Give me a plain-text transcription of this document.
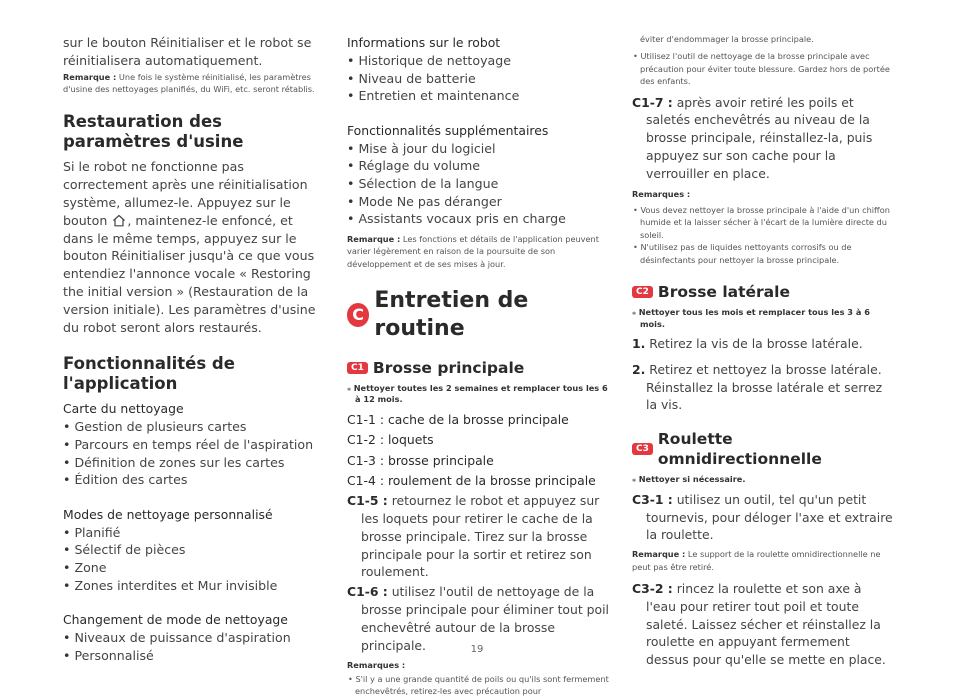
sur le bouton Réinitialiser et le robot se réinitialisera automatiquement.

Remarque : Une fois le système réinitialisé, les paramètres d'usine des nettoyages planifiés, du WiFi, etc. seront rétablis.

Restauration des paramètres d'usine

Si le robot ne fonctionne pas correctement après une réinitialisation système, allumez-le. Appuyez sur le bouton , maintenez-le enfoncé, et dans le même temps, appuyez sur le bouton Réinitialiser jusqu'à ce que vous entendiez l'annonce vocale « Restoring the initial version » (Restauration de la version initiale). Les paramètres d'usine du robot seront alors restaurés.

Fonctionnalités de l'application
Carte du nettoyage
• Gestion de plusieurs cartes
• Parcours en temps réel de l'aspiration
• Définition de zones sur les cartes
• Édition des cartes
Modes de nettoyage personnalisé
• Planifié
• Sélectif de pièces
• Zone
• Zones interdites et Mur invisible
Changement de mode de nettoyage
• Niveaux de puissance d'aspiration
• Personnalisé
Informations sur le robot
• Historique de nettoyage
• Niveau de batterie
• Entretien et maintenance
Fonctionnalités supplémentaires
• Mise à jour du logiciel
• Réglage du volume
• Sélection de la langue
• Mode Ne pas déranger
• Assistants vocaux pris en charge

Remarque : Les fonctions et détails de l'application peuvent varier légèrement en raison de la poursuite de son développement et de ses mises à jour.

C
Entretien de routine
C1 Brosse principale

⁎ Nettoyer toutes les 2 semaines et remplacer tous les 6 à 12 mois.

C1-1 : cache de la brosse principale
C1-2 : loquets
C1-3 : brosse principale
C1-4 : roulement de la brosse principale

C1-5 : retournez le robot et appuyez sur les loquets pour retirer le cache de la brosse principale. Tirez sur la brosse principale pour la sortir et retirez son roulement.

C1-6 : utilisez l'outil de nettoyage de la brosse principale pour éliminer tout poil enchevêtré autour de la brosse principale.

Remarques :

• S'il y a une grande quantité de poils ou qu'ils sont fermement enchevêtrés, retirez-les avec précaution pour

éviter d'endommager la brosse principale.

• Utilisez l'outil de nettoyage de la brosse principale avec précaution pour éviter toute blessure. Gardez hors de portée des enfants.

C1-7 : après avoir retiré les poils et saletés enchevêtrés au niveau de la brosse principale, réinstallez-la, puis appuyez sur son cache pour la verrouiller en place.

Remarques :

• Vous devez nettoyer la brosse principale à l'aide d'un chiffon humide et la laisser sécher à l'écart de la lumière directe du soleil.
• N'utilisez pas de liquides nettoyants corrosifs ou de désinfectants pour nettoyer la brosse principale.
C2 Brosse latérale

⁎ Nettoyer tous les mois et remplacer tous les 3 à 6 mois.

1. Retirez la vis de la brosse latérale.

2. Retirez et nettoyez la brosse latérale. Réinstallez la brosse latérale et serrez la vis.

C3
Roulette omnidirectionnelle

⁎ Nettoyer si nécessaire.

C3-1 : utilisez un outil, tel qu'un petit tournevis, pour déloger l'axe et extraire la roulette.

Remarque : Le support de la roulette omnidirectionnelle ne peut pas être retiré.

C3-2 : rincez la roulette et son axe à l'eau pour retirer tout poil et toute saleté. Laissez sécher et réinstallez la roulette en appuyant fermement dessus pour qu'elle se mette en place.

19
